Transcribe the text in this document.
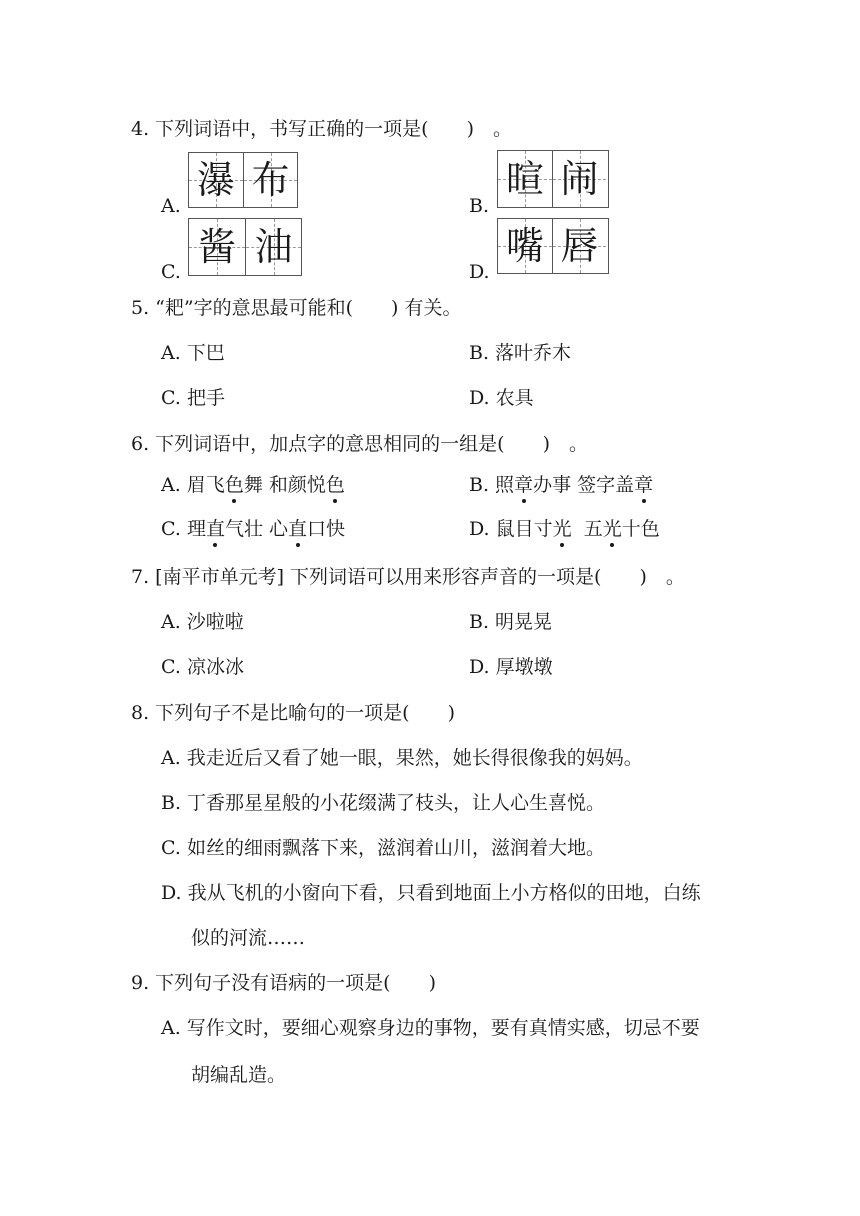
4. 下列词语中，书写正确的一项是(　　)　。
A.
瀑 布
B.
暄 闹
C.
酱 油
D.
嘴 唇
5. “耙”字的意思最可能和(　　) 有关。
A. 下巴	B. 落叶乔木
C. 把手	D. 农具
6. 下列词语中，加点字的意思相同的一组是(　　)　。
A. 眉飞色舞 和颜悦色	B. 照章办事 签字盖章
C. 理直气壮 心直口快	D. 鼠目寸光  五光十色
7. [南平市单元考] 下列词语可以用来形容声音的一项是(　　)　。
A. 沙啦啦	B. 明晃晃
C. 凉冰冰	D. 厚墩墩
8. 下列句子不是比喻句的一项是(　　)
A. 我走近后又看了她一眼，果然，她长得很像我的妈妈。
B. 丁香那星星般的小花缀满了枝头，让人心生喜悦。
C. 如丝的细雨飘落下来，滋润着山川，滋润着大地。
D. 我从飞机的小窗向下看，只看到地面上小方格似的田地，白练
似的河流……
9. 下列句子没有语病的一项是(　　)
A. 写作文时，要细心观察身边的事物，要有真情实感，切忌不要
胡编乱造。
